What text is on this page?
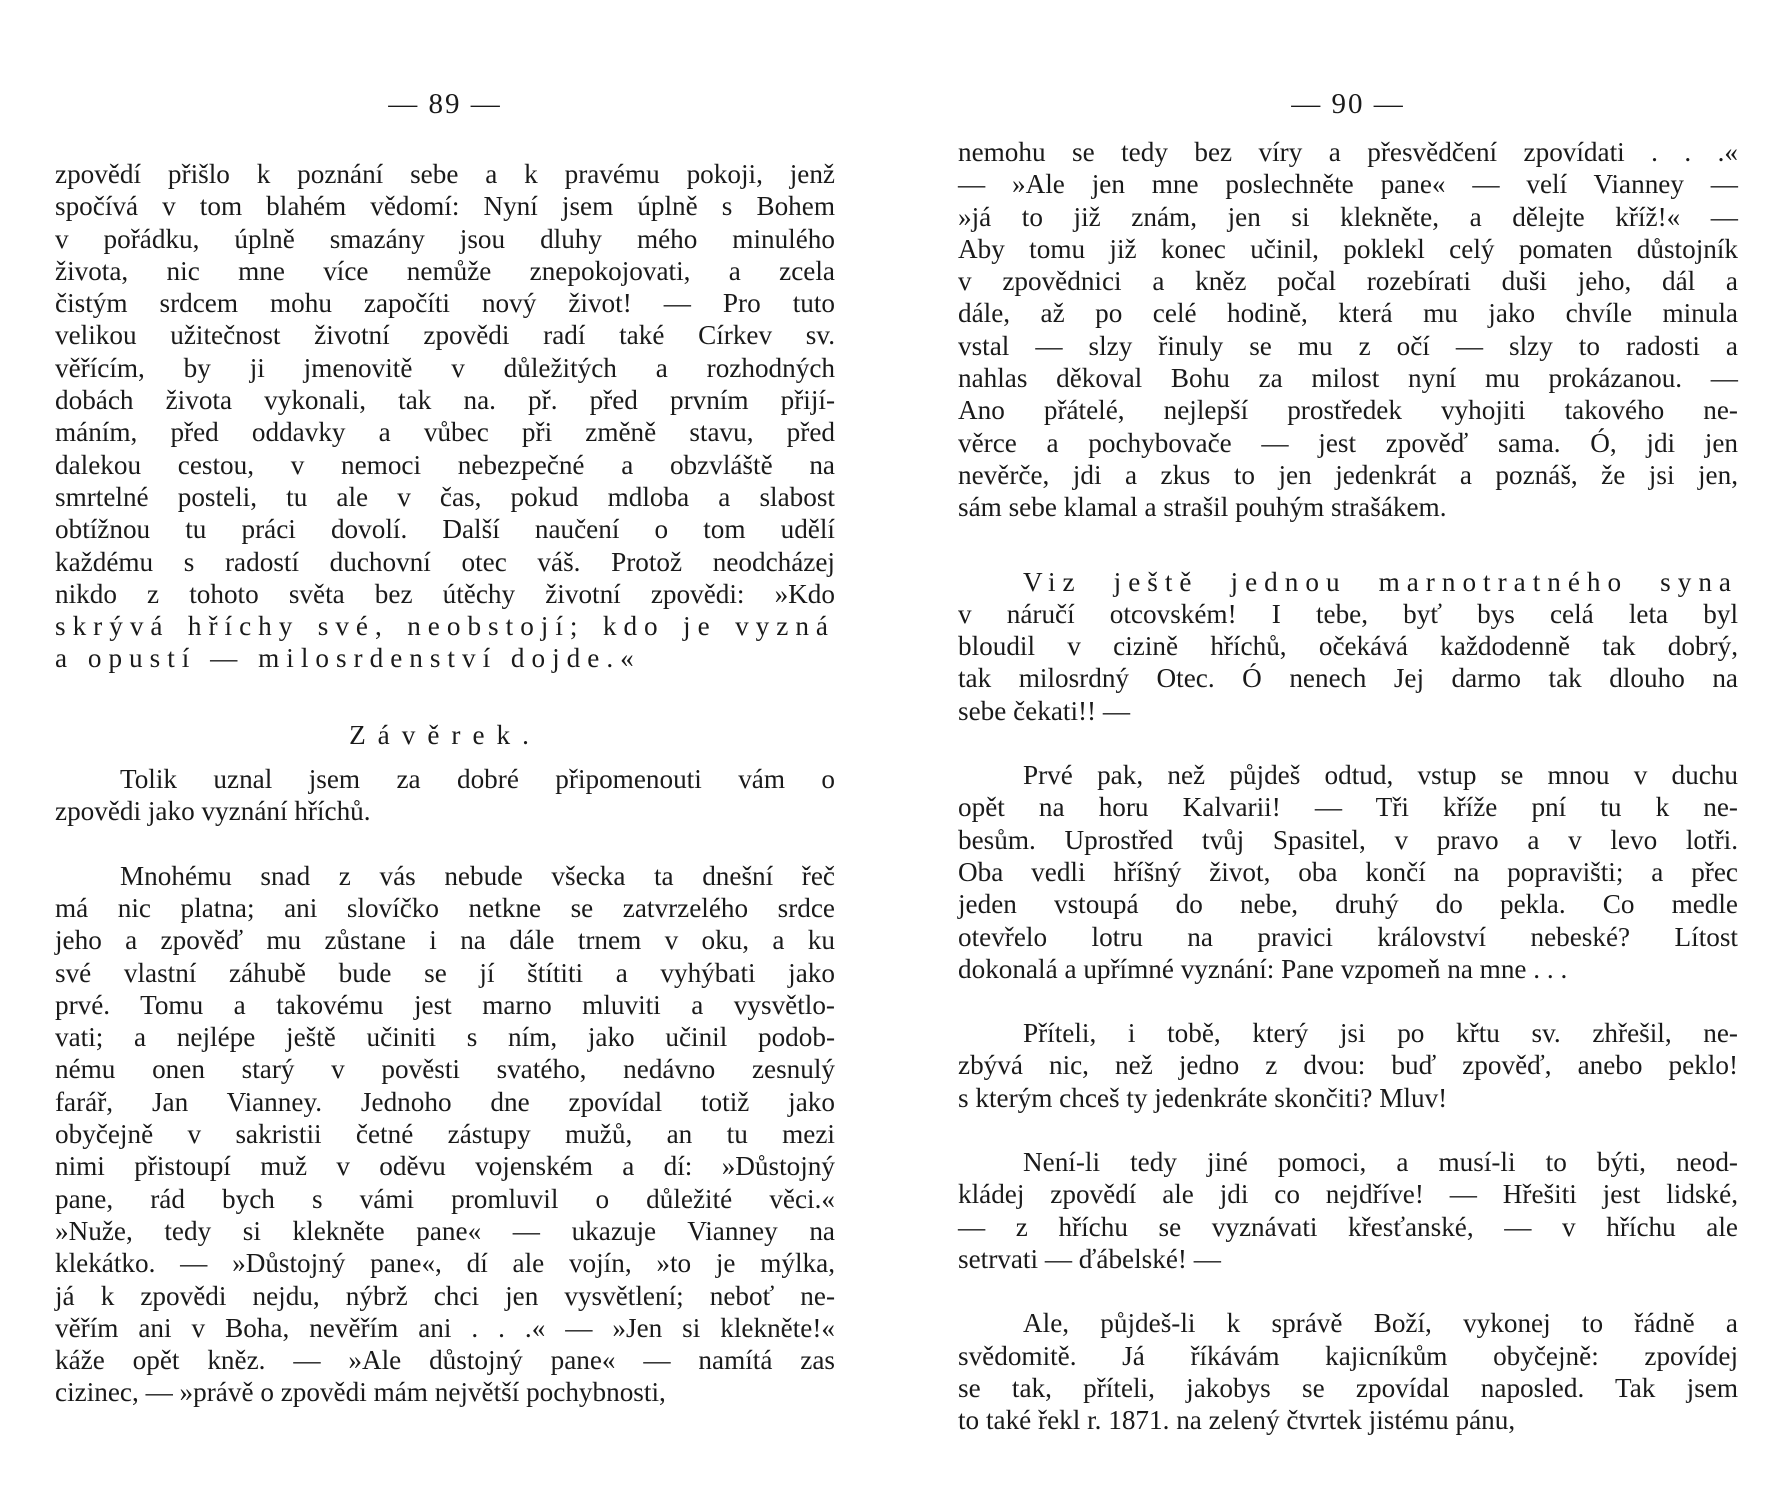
— 89 —
zpovědí přišlo k poznání sebe a k pravému pokoji, jenž
spočívá v tom blahém vědomí: Nyní jsem úplně s Bohem
v pořádku, úplně smazány jsou dluhy mého minulého
života, nic mne více nemůže znepokojovati, a zcela
čistým srdcem mohu započíti nový život! — Pro tuto
velikou užitečnost životní zpovědi radí také Církev sv.
věřícím, by ji jmenovitě v důležitých a rozhodných
dobách života vykonali, tak na. př. před prvním přijí-
máním, před oddavky a vůbec při změně stavu, před
dalekou cestou, v nemoci nebezpečné a obzvláště na
smrtelné posteli, tu ale v čas, pokud mdloba a slabost
obtížnou tu práci dovolí. Další naučení o tom udělí
každému s radostí duchovní otec váš. Protož neodcházej
nikdo z tohoto světa bez útěchy životní zpovědi: »Kdo
skrývá hříchy své, neobstojí; kdo je vyzná
a opustí — milosrdenství dojde.«
Závěrek.
Tolik uznal jsem za dobré připomenouti vám o
zpovědi jako vyznání hříchů.
Mnohému snad z vás nebude všecka ta dnešní řeč
má nic platna; ani slovíčko netkne se zatvrzelého srdce
jeho a zpověď mu zůstane i na dále trnem v oku, a ku
své vlastní záhubě bude se jí štítiti a vyhýbati jako
prvé. Tomu a takovému jest marno mluviti a vysvětlo-
vati; a nejlépe ještě učiniti s ním, jako učinil podob-
nému onen starý v pověsti svatého, nedávno zesnulý
farář, Jan Vianney. Jednoho dne zpovídal totiž jako
obyčejně v sakristii četné zástupy mužů, an tu mezi
nimi přistoupí muž v oděvu vojenském a dí: »Důstojný
pane, rád bych s vámi promluvil o důležité věci.«
»Nuže, tedy si klekněte pane« — ukazuje Vianney na
klekátko. — »Důstojný pane«, dí ale vojín, »to je mýlka,
já k zpovědi nejdu, nýbrž chci jen vysvětlení; neboť ne-
věřím ani v Boha, nevěřím ani . . .« — »Jen si klekněte!«
káže opět kněz. — »Ale důstojný pane« — namítá zas
cizinec, — »právě o zpovědi mám největší pochybnosti,
— 90 —
nemohu se tedy bez víry a přesvědčení zpovídati . . .«
— »Ale jen mne poslechněte pane« — velí Vianney —
»já to již znám, jen si klekněte, a dělejte kříž!« —
Aby tomu již konec učinil, poklekl celý pomaten důstojník
v zpovědnici a kněz počal rozebírati duši jeho, dál a
dále, až po celé hodině, která mu jako chvíle minula
vstal — slzy řinuly se mu z očí — slzy to radosti a
nahlas děkoval Bohu za milost nyní mu prokázanou. —
Ano přátelé, nejlepší prostředek vyhojiti takového ne-
věrce a pochybovače — jest zpověď sama. Ó, jdi jen
nevěrče, jdi a zkus to jen jedenkrát a poznáš, že jsi jen,
sám sebe klamal a strašil pouhým strašákem.
Viz ještě jednou marnotratného syna
v náručí otcovském! I tebe, byť bys celá leta byl
bloudil v cizině hříchů, očekává každodenně tak dobrý,
tak milosrdný Otec. Ó nenech Jej darmo tak dlouho na
sebe čekati!! —
Prvé pak, než půjdeš odtud, vstup se mnou v duchu
opět na horu Kalvarii! — Tři kříže pní tu k ne-
besům. Uprostřed tvůj Spasitel, v pravo a v levo lotři.
Oba vedli hříšný život, oba končí na popravišti; a přec
jeden vstoupá do nebe, druhý do pekla. Co medle
otevřelo lotru na pravici království nebeské? Lítost
dokonalá a upřímné vyznání: Pane vzpomeň na mne . . .
Příteli, i tobě, který jsi po křtu sv. zhřešil, ne-
zbývá nic, než jedno z dvou: buď zpověď, anebo peklo!
s kterým chceš ty jedenkráte skončiti? Mluv!
Není-li tedy jiné pomoci, a musí-li to býti, neod-
kládej zpovědí ale jdi co nejdříve! — Hřešiti jest lidské,
— z hříchu se vyznávati křesťanské, — v hříchu ale
setrvati — ďábelské! —
Ale, půjdeš-li k správě Boží, vykonej to řádně a
svědomitě. Já říkávám kajicníkům obyčejně: zpovídej
se tak, příteli, jakobys se zpovídal naposled. Tak jsem
to také řekl r. 1871. na zelený čtvrtek jistému pánu,
